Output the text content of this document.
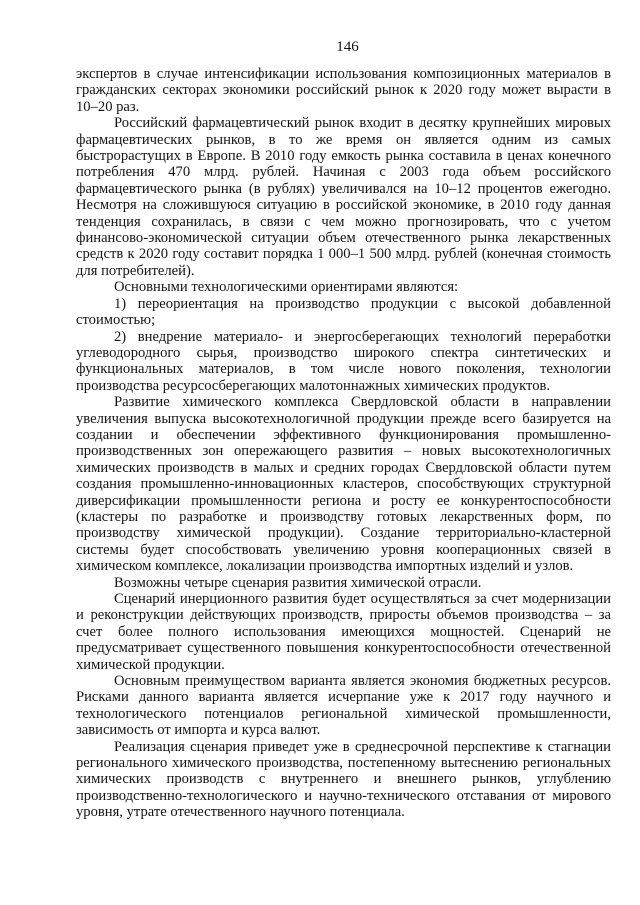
146

экспертов в случае интенсификации использования композиционных материалов в гражданских секторах экономики российский рынок к 2020 году может вырасти в 10–20 раз.

Российский фармацевтический рынок входит в десятку крупнейших мировых фармацевтических рынков, в то же время он является одним из самых быстрорастущих в Европе. В 2010 году емкость рынка составила в ценах конечного потребления 470 млрд. рублей. Начиная с 2003 года объем российского фармацевтического рынка (в рублях) увеличивался на 10–12 процентов ежегодно. Несмотря на сложившуюся ситуацию в российской экономике, в 2010 году данная тенденция сохранилась, в связи с чем можно прогнозировать, что с учетом финансово-экономической ситуации объем отечественного рынка лекарственных средств к 2020 году составит порядка 1 000–1 500 млрд. рублей (конечная стоимость для потребителей).

Основными технологическими ориентирами являются:

1) переориентация на производство продукции с высокой добавленной стоимостью;

2) внедрение материало- и энергосберегающих технологий переработки углеводородного сырья, производство широкого спектра синтетических и функциональных материалов, в том числе нового поколения, технологии производства ресурсосберегающих малотоннажных химических продуктов.

Развитие химического комплекса Свердловской области в направлении увеличения выпуска высокотехнологичной продукции прежде всего базируется на создании и обеспечении эффективного функционирования промышленно-производственных зон опережающего развития – новых высокотехнологичных химических производств в малых и средних городах Свердловской области путем создания промышленно-инновационных кластеров, способствующих структурной диверсификации промышленности региона и росту ее конкурентоспособности (кластеры по разработке и производству готовых лекарственных форм, по производству химической продукции). Создание территориально-кластерной системы будет способствовать увеличению уровня кооперационных связей в химическом комплексе, локализации производства импортных изделий и узлов.

Возможны четыре сценария развития химической отрасли.

Сценарий инерционного развития будет осуществляться за счет модернизации и реконструкции действующих производств, приросты объемов производства – за счет более полного использования имеющихся мощностей. Сценарий не предусматривает существенного повышения конкурентоспособности отечественной химической продукции.

Основным преимуществом варианта является экономия бюджетных ресурсов. Рисками данного варианта является исчерпание уже к 2017 году научного и технологического потенциалов региональной химической промышленности, зависимость от импорта и курса валют.

Реализация сценария приведет уже в среднесрочной перспективе к стагнации регионального химического производства, постепенному вытеснению региональных химических производств с внутреннего и внешнего рынков, углублению производственно-технологического и научно-технического отставания от мирового уровня, утрате отечественного научного потенциала.
